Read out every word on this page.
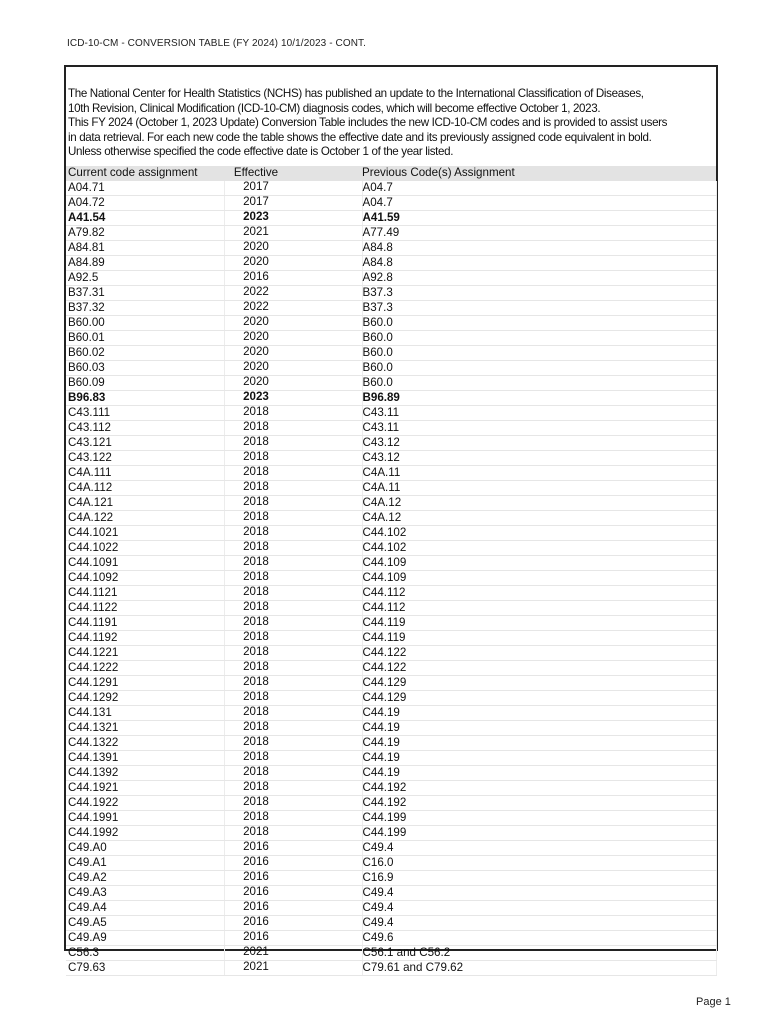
ICD-10-CM - CONVERSION TABLE (FY 2024) 10/1/2023 - CONT.
The National Center for Health Statistics (NCHS) has published an update to the International Classification of Diseases,
10th Revision, Clinical Modification (ICD-10-CM) diagnosis codes, which will become effective October 1, 2023.
This FY 2024 (October 1, 2023 Update) Conversion Table includes the new ICD-10-CM codes and is provided to assist users
in data retrieval. For each new code the table shows the effective date and its previously assigned code equivalent in bold.
Unless otherwise specified the code effective date is October 1 of the year listed.
Current code assignment	Effective	Previous Code(s) Assignment
A04.71	2017	A04.7
A04.72	2017	A04.7
A41.54	2023	A41.59
A79.82	2021	A77.49
A84.81	2020	A84.8
A84.89	2020	A84.8
A92.5	2016	A92.8
B37.31	2022	B37.3
B37.32	2022	B37.3
B60.00	2020	B60.0
B60.01	2020	B60.0
B60.02	2020	B60.0
B60.03	2020	B60.0
B60.09	2020	B60.0
B96.83	2023	B96.89
C43.111	2018	C43.11
C43.112	2018	C43.11
C43.121	2018	C43.12
C43.122	2018	C43.12
C4A.111	2018	C4A.11
C4A.112	2018	C4A.11
C4A.121	2018	C4A.12
C4A.122	2018	C4A.12
C44.1021	2018	C44.102
C44.1022	2018	C44.102
C44.1091	2018	C44.109
C44.1092	2018	C44.109
C44.1121	2018	C44.112
C44.1122	2018	C44.112
C44.1191	2018	C44.119
C44.1192	2018	C44.119
C44.1221	2018	C44.122
C44.1222	2018	C44.122
C44.1291	2018	C44.129
C44.1292	2018	C44.129
C44.131	2018	C44.19
C44.1321	2018	C44.19
C44.1322	2018	C44.19
C44.1391	2018	C44.19
C44.1392	2018	C44.19
C44.1921	2018	C44.192
C44.1922	2018	C44.192
C44.1991	2018	C44.199
C44.1992	2018	C44.199
C49.A0	2016	C49.4
C49.A1	2016	C16.0
C49.A2	2016	C16.9
C49.A3	2016	C49.4
C49.A4	2016	C49.4
C49.A5	2016	C49.4
C49.A9	2016	C49.6
C56.3	2021	C56.1 and C56.2
C79.63	2021	C79.61 and C79.62
Page 1
